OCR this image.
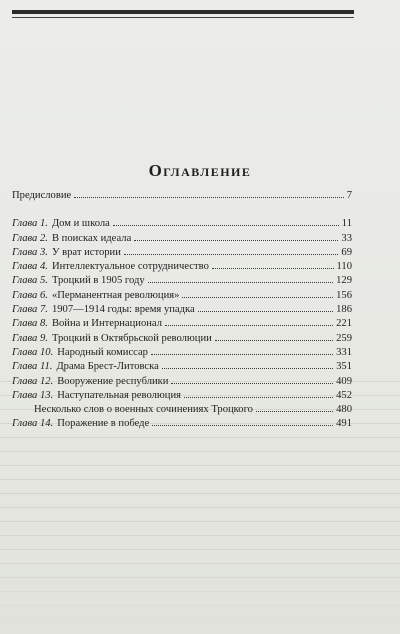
Оглавление
Предисловие	7
Глава 1. Дом и школа	11
Глава 2. В поисках идеала	33
Глава 3. У врат истории	69
Глава 4. Интеллектуальное сотрудничество	110
Глава 5. Троцкий в 1905 году	129
Глава 6. «Перманентная революция»	156
Глава 7. 1907—1914 годы: время упадка	186
Глава 8. Война и Интернационал	221
Глава 9. Троцкий в Октябрьской революции	259
Глава 10. Народный комиссар	331
Глава 11. Драма Брест-Литовска	351
Глава 12. Вооружение республики	409
Глава 13. Наступательная революция	452
Несколько слов о военных сочинениях Троцкого	480
Глава 14. Поражение в победе	491
